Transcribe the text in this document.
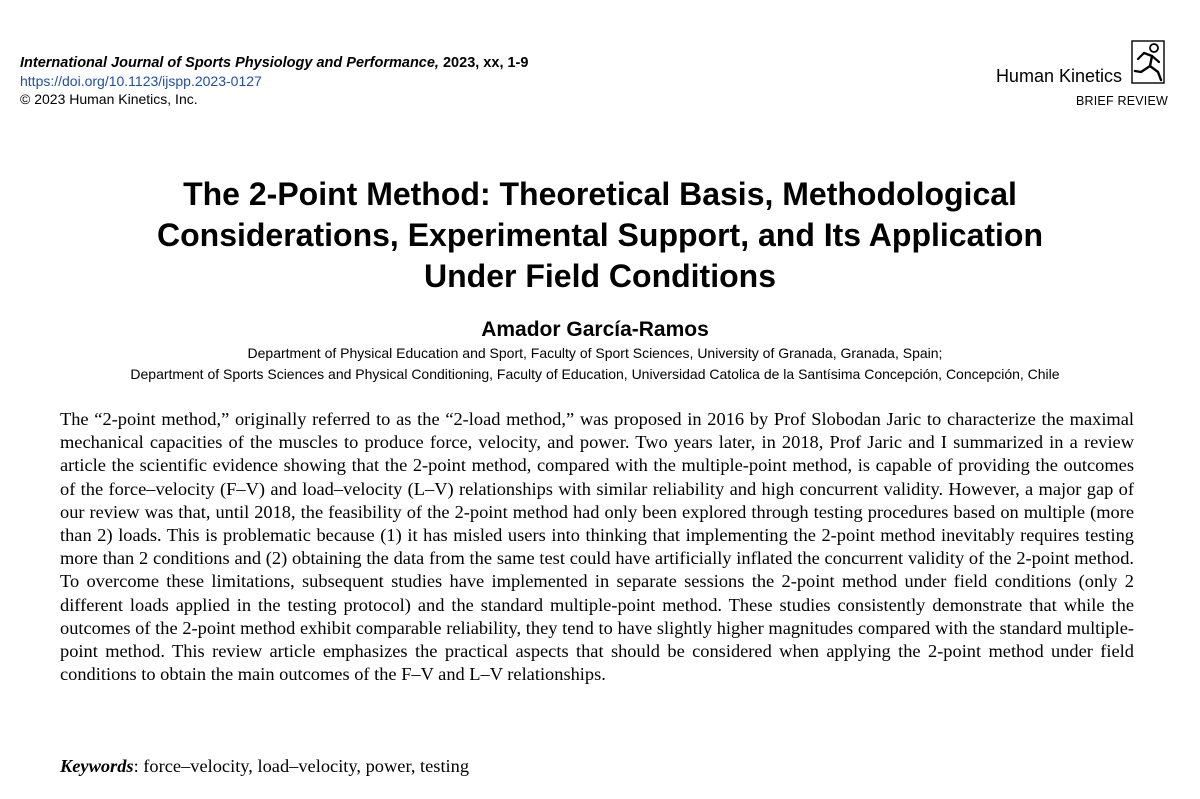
International Journal of Sports Physiology and Performance, 2023, xx, 1-9
https://doi.org/10.1123/ijspp.2023-0127
© 2023 Human Kinetics, Inc.
Human Kinetics
BRIEF REVIEW
The 2-Point Method: Theoretical Basis, Methodological
Considerations, Experimental Support, and Its Application
Under Field Conditions

Amador García-Ramos

Department of Physical Education and Sport, Faculty of Sport Sciences, University of Granada, Granada, Spain;

Department of Sports Sciences and Physical Conditioning, Faculty of Education, Universidad Catolica de la Santísima Concepción, Concepción, Chile

The “2-point method,” originally referred to as the “2-load method,” was proposed in 2016 by Prof Slobodan Jaric to characterize the maximal mechanical capacities of the muscles to produce force, velocity, and power. Two years later, in 2018, Prof Jaric and I summarized in a review article the scientific evidence showing that the 2-point method, compared with the multiple-point method, is capable of providing the outcomes of the force–velocity (F–V) and load–velocity (L–V) relationships with similar reliability and high concurrent validity. However, a major gap of our review was that, until 2018, the feasibility of the 2-point method had only been explored through testing procedures based on multiple (more than 2) loads. This is problematic because (1) it has misled users into thinking that implementing the 2-point method inevitably requires testing more than 2 conditions and (2) obtaining the data from the same test could have artificially inflated the concurrent validity of the 2-point method. To overcome these limitations, subsequent studies have implemented in separate sessions the 2-point method under field conditions (only 2 different loads applied in the testing protocol) and the standard multiple-point method. These studies consistently demonstrate that while the outcomes of the 2-point method exhibit comparable reliability, they tend to have slightly higher magnitudes compared with the standard multiple-point method. This review article emphasizes the practical aspects that should be considered when applying the 2-point method under field conditions to obtain the main outcomes of the F–V and L–V relationships.

Keywords: force–velocity, load–velocity, power, testing
